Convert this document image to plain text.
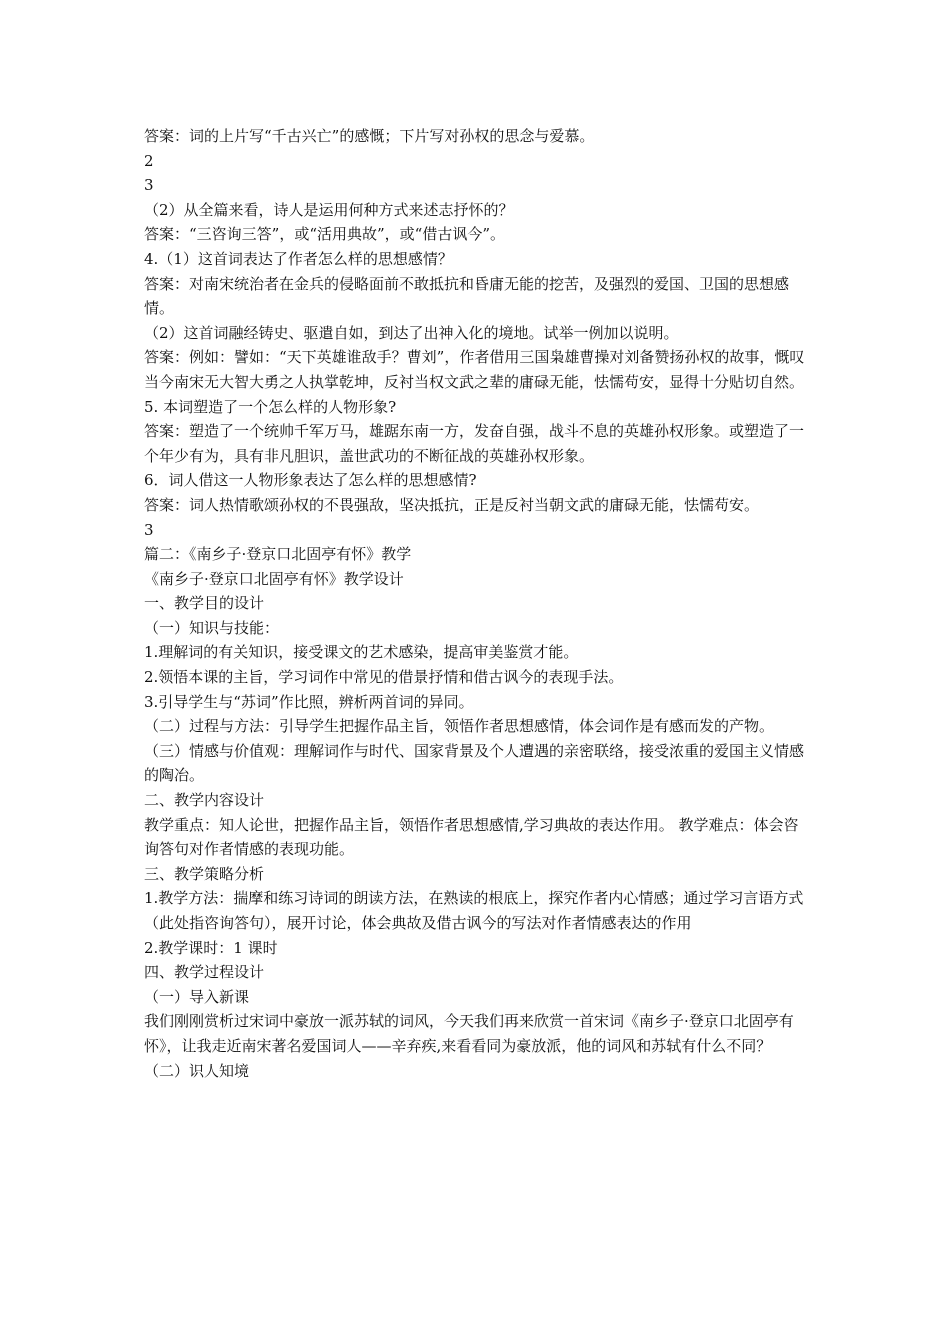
答案：词的上片写“千古兴亡”的感慨；下片写对孙权的思念与爱慕。

2

3

（2）从全篇来看，诗人是运用何种方式来述志抒怀的？

答案：“三咨询三答”，或“活用典故”，或“借古讽今”。

4.（1）这首词表达了作者怎么样的思想感情？

答案：对南宋统治者在金兵的侵略面前不敢抵抗和昏庸无能的挖苦，及强烈的爱国、卫国的思想感情。

（2）这首词融经铸史、驱遣自如，到达了出神入化的境地。试举一例加以说明。

答案：例如：譬如：“天下英雄谁敌手？曹刘”，作者借用三国枭雄曹操对刘备赞扬孙权的故事，慨叹当今南宋无大智大勇之人执掌乾坤，反衬当权文武之辈的庸碌无能，怯懦苟安，显得十分贴切自然。

5. 本词塑造了一个怎么样的人物形象?

答案：塑造了一个统帅千军万马，雄踞东南一方，发奋自强，战斗不息的英雄孙权形象。或塑造了一个年少有为，具有非凡胆识，盖世武功的不断征战的英雄孙权形象。

6．词人借这一人物形象表达了怎么样的思想感情?

答案：词人热情歌颂孙权的不畏强敌，坚决抵抗，正是反衬当朝文武的庸碌无能，怯懦苟安。

3

篇二：《南乡子·登京口北固亭有怀》教学

《南乡子·登京口北固亭有怀》教学设计

一、教学目的设计

（一）知识与技能：

1.理解词的有关知识，接受课文的艺术感染，提高审美鉴赏才能。

2.领悟本课的主旨，学习词作中常见的借景抒情和借古讽今的表现手法。

3.引导学生与“苏词”作比照，辨析两首词的异同。

（二）过程与方法：引导学生把握作品主旨，领悟作者思想感情，体会词作是有感而发的产物。

（三）情感与价值观：理解词作与时代、国家背景及个人遭遇的亲密联络，接受浓重的爱国主义情感的陶冶。

二、教学内容设计

教学重点：知人论世，把握作品主旨，领悟作者思想感情,学习典故的表达作用。 教学难点：体会咨询答句对作者情感的表现功能。

三、教学策略分析

1.教学方法：揣摩和练习诗词的朗读方法，在熟读的根底上，探究作者内心情感；通过学习言语方式（此处指咨询答句），展开讨论，体会典故及借古讽今的写法对作者情感表达的作用

2.教学课时：1 课时

四、教学过程设计

（一）导入新课

我们刚刚赏析过宋词中豪放一派苏轼的词风，今天我们再来欣赏一首宋词《南乡子·登京口北固亭有怀》，让我走近南宋著名爱国词人——辛弃疾,来看看同为豪放派，他的词风和苏轼有什么不同？

（二）识人知境
